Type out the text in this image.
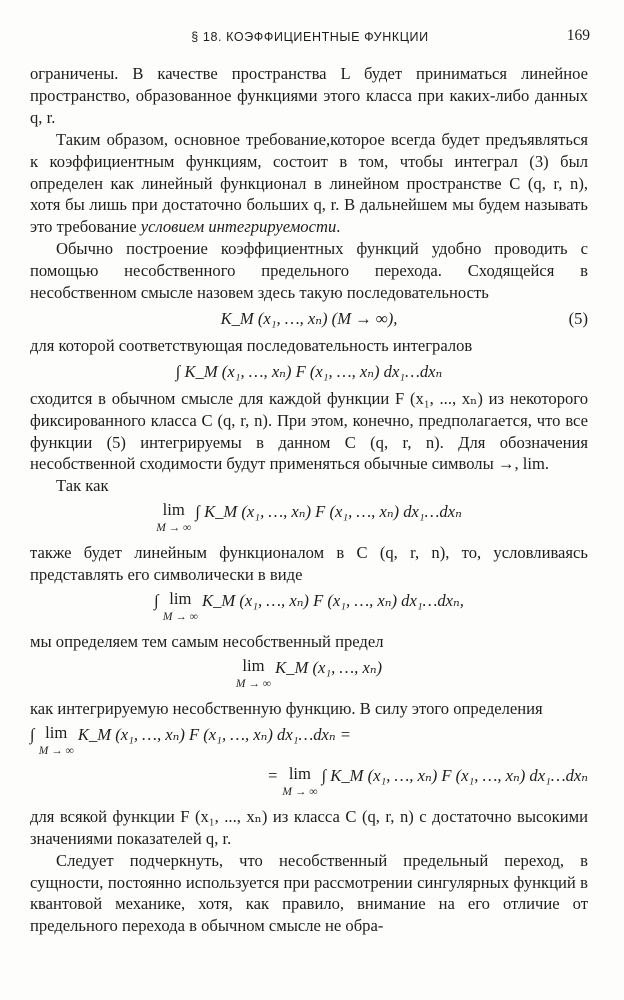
§ 18. КОЭФФИЦИЕНТНЫЕ ФУНКЦИИ	169

ограничены. В качестве пространства L будет приниматься линейное пространство, образованное функциями этого класса при каких-либо данных q, r.

Таким образом, основное требование,которое всегда будет предъявляться к коэффициентным функциям, состоит в том, чтобы интеграл (3) был определен как линейный функционал в линейном пространстве C (q, r, n), хотя бы лишь при достаточно больших q, r. В дальнейшем мы будем называть это требование условием интегрируемости.

Обычно построение коэффициентных функций удобно проводить с помощью несобственного предельного перехода. Сходящейся в несобственном смысле назовем здесь такую последовательность

K_M (x₁, …, xₙ) (M → ∞),	(5)

для которой соответствующая последовательность интегралов

∫ K_M (x₁, …, xₙ) F (x₁, …, xₙ) dx₁…dxₙ

сходится в обычном смысле для каждой функции F (x₁, ..., xₙ) из некоторого фиксированного класса C (q, r, n). При этом, конечно, предполагается, что все функции (5) интегрируемы в данном C (q, r, n). Для обозначения несобственной сходимости будут применяться обычные символы →, lim.

Так как

lim
M → ∞
∫ K_M (x₁, …, xₙ) F (x₁, …, xₙ) dx₁…dxₙ

также будет линейным функционалом в C (q, r, n), то, условливаясь представлять его символически в виде

∫ lim
M → ∞
K_M (x₁, …, xₙ) F (x₁, …, xₙ) dx₁…dxₙ,

мы определяем тем самым несобственный предел

lim
M → ∞
K_M (x₁, …, xₙ)

как интегрируемую несобственную функцию. В силу этого определения

∫ lim
M → ∞
K_M (x₁, …, xₙ) F (x₁, …, xₙ) dx₁…dxₙ =
= lim
M → ∞
∫ K_M (x₁, …, xₙ) F (x₁, …, xₙ) dx₁…dxₙ

для всякой функции F (x₁, ..., xₙ) из класса C (q, r, n) с достаточно высокими значениями показателей q, r.

Следует подчеркнуть, что несобственный предельный переход, в сущности, постоянно используется при рассмотрении сингулярных функций в квантовой механике, хотя, как правило, внимание на его отличие от предельного перехода в обычном смысле не обра-
